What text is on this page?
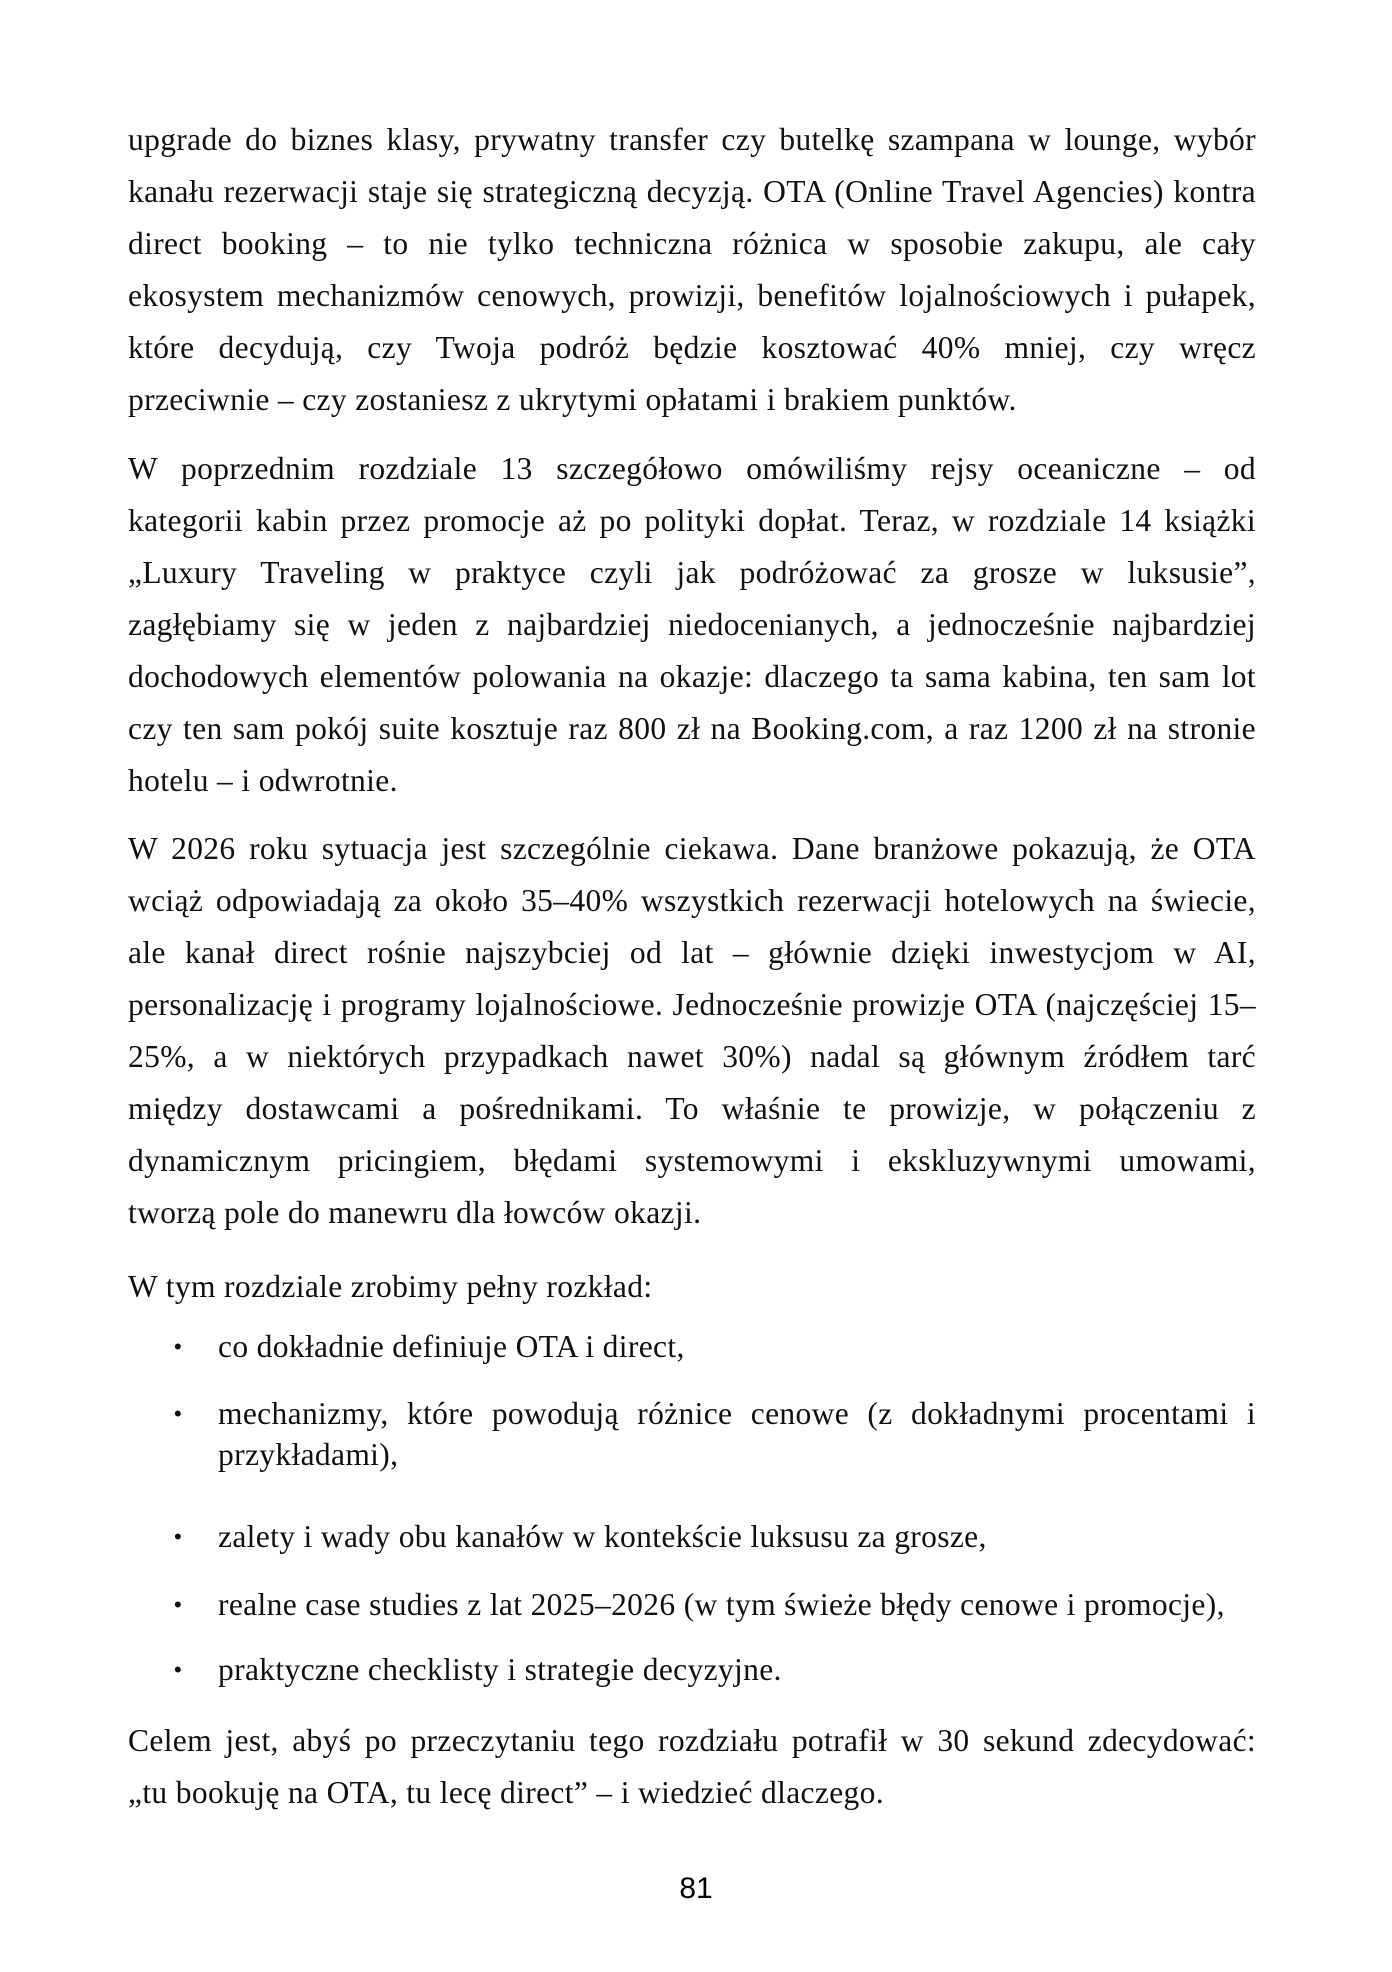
upgrade do biznes klasy, prywatny transfer czy butelkę szampana w lounge, wybór
kanału rezerwacji staje się strategiczną decyzją. OTA (Online Travel Agencies) kontra
direct booking – to nie tylko techniczna różnica w sposobie zakupu, ale cały
ekosystem mechanizmów cenowych, prowizji, benefitów lojalnościowych i pułapek,
które decydują, czy Twoja podróż będzie kosztować 40% mniej, czy wręcz
przeciwnie – czy zostaniesz z ukrytymi opłatami i brakiem punktów.
W poprzednim rozdziale 13 szczegółowo omówiliśmy rejsy oceaniczne – od
kategorii kabin przez promocje aż po polityki dopłat. Teraz, w rozdziale 14 książki
„Luxury Traveling w praktyce czyli jak podróżować za grosze w luksusie”,
zagłębiamy się w jeden z najbardziej niedocenianych, a jednocześnie najbardziej
dochodowych elementów polowania na okazje: dlaczego ta sama kabina, ten sam lot
czy ten sam pokój suite kosztuje raz 800 zł na Booking.com, a raz 1200 zł na stronie
hotelu – i odwrotnie.
W 2026 roku sytuacja jest szczególnie ciekawa. Dane branżowe pokazują, że OTA
wciąż odpowiadają za około 35–40% wszystkich rezerwacji hotelowych na świecie,
ale kanał direct rośnie najszybciej od lat – głównie dzięki inwestycjom w AI,
personalizację i programy lojalnościowe. Jednocześnie prowizje OTA (najczęściej 15–
25%, a w niektórych przypadkach nawet 30%) nadal są głównym źródłem tarć
między dostawcami a pośrednikami. To właśnie te prowizje, w połączeniu z
dynamicznym pricingiem, błędami systemowymi i ekskluzywnymi umowami,
tworzą pole do manewru dla łowców okazji.
W tym rozdziale zrobimy pełny rozkład:
• co dokładnie definiuje OTA i direct,
• mechanizmy, które powodują różnice cenowe (z dokładnymi procentami i
przykładami),
• zalety i wady obu kanałów w kontekście luksusu za grosze,
• realne case studies z lat 2025–2026 (w tym świeże błędy cenowe i promocje),
• praktyczne checklisty i strategie decyzyjne.
Celem jest, abyś po przeczytaniu tego rozdziału potrafił w 30 sekund zdecydować:
„tu bookuję na OTA, tu lecę direct” – i wiedzieć dlaczego.
81
